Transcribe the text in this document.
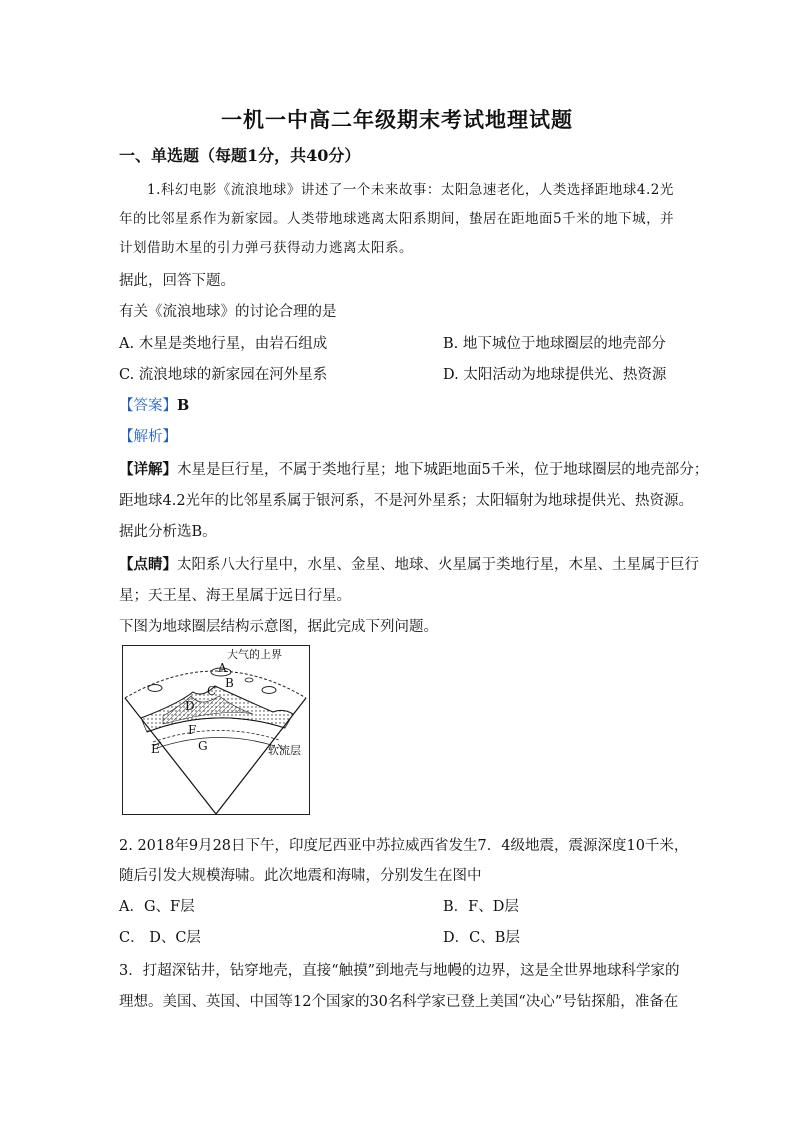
一机一中高二年级期末考试地理试题
一、单选题（每题1分，共40分）
1.科幻电影《流浪地球》讲述了一个未来故事：太阳急速老化，人类选择距地球4.2光
年的比邻星系作为新家园。人类带地球逃离太阳系期间，蛰居在距地面5千米的地下城，并
计划借助木星的引力弹弓获得动力逃离太阳系。
据此，回答下题。
有关《流浪地球》的讨论合理的是
A. 木星是类地行星，由岩石组成	B. 地下城位于地球圈层的地壳部分
C. 流浪地球的新家园在河外星系	D. 太阳活动为地球提供光、热资源
【答案】B
【解析】
【详解】木星是巨行星，不属于类地行星；地下城距地面5千米，位于地球圈层的地壳部分；
距地球4.2光年的比邻星系属于银河系，不是河外星系；太阳辐射为地球提供光、热资源。
据此分析选B。
【点睛】太阳系八大行星中，水星、金星、地球、火星属于类地行星，木星、土星属于巨行
星；天王星、海王星属于远日行星。
下图为地球圈层结构示意图，据此完成下列问题。
大气的上界
A
B
C
D
E
F
G	软流层
2. 2018年9月28日下午，印度尼西亚中苏拉威西省发生7．4级地震，震源深度10千米，
随后引发大规模海啸。此次地震和海啸，分别发生在图中
A．G、F层	B．F、D层
C． D、C层	D．C、B层
3．打超深钻井，钻穿地壳，直接“触摸”到地壳与地幔的边界，这是全世界地球科学家的
理想。美国、英国、中国等12个国家的30名科学家已登上美国“决心”号钻探船，准备在
